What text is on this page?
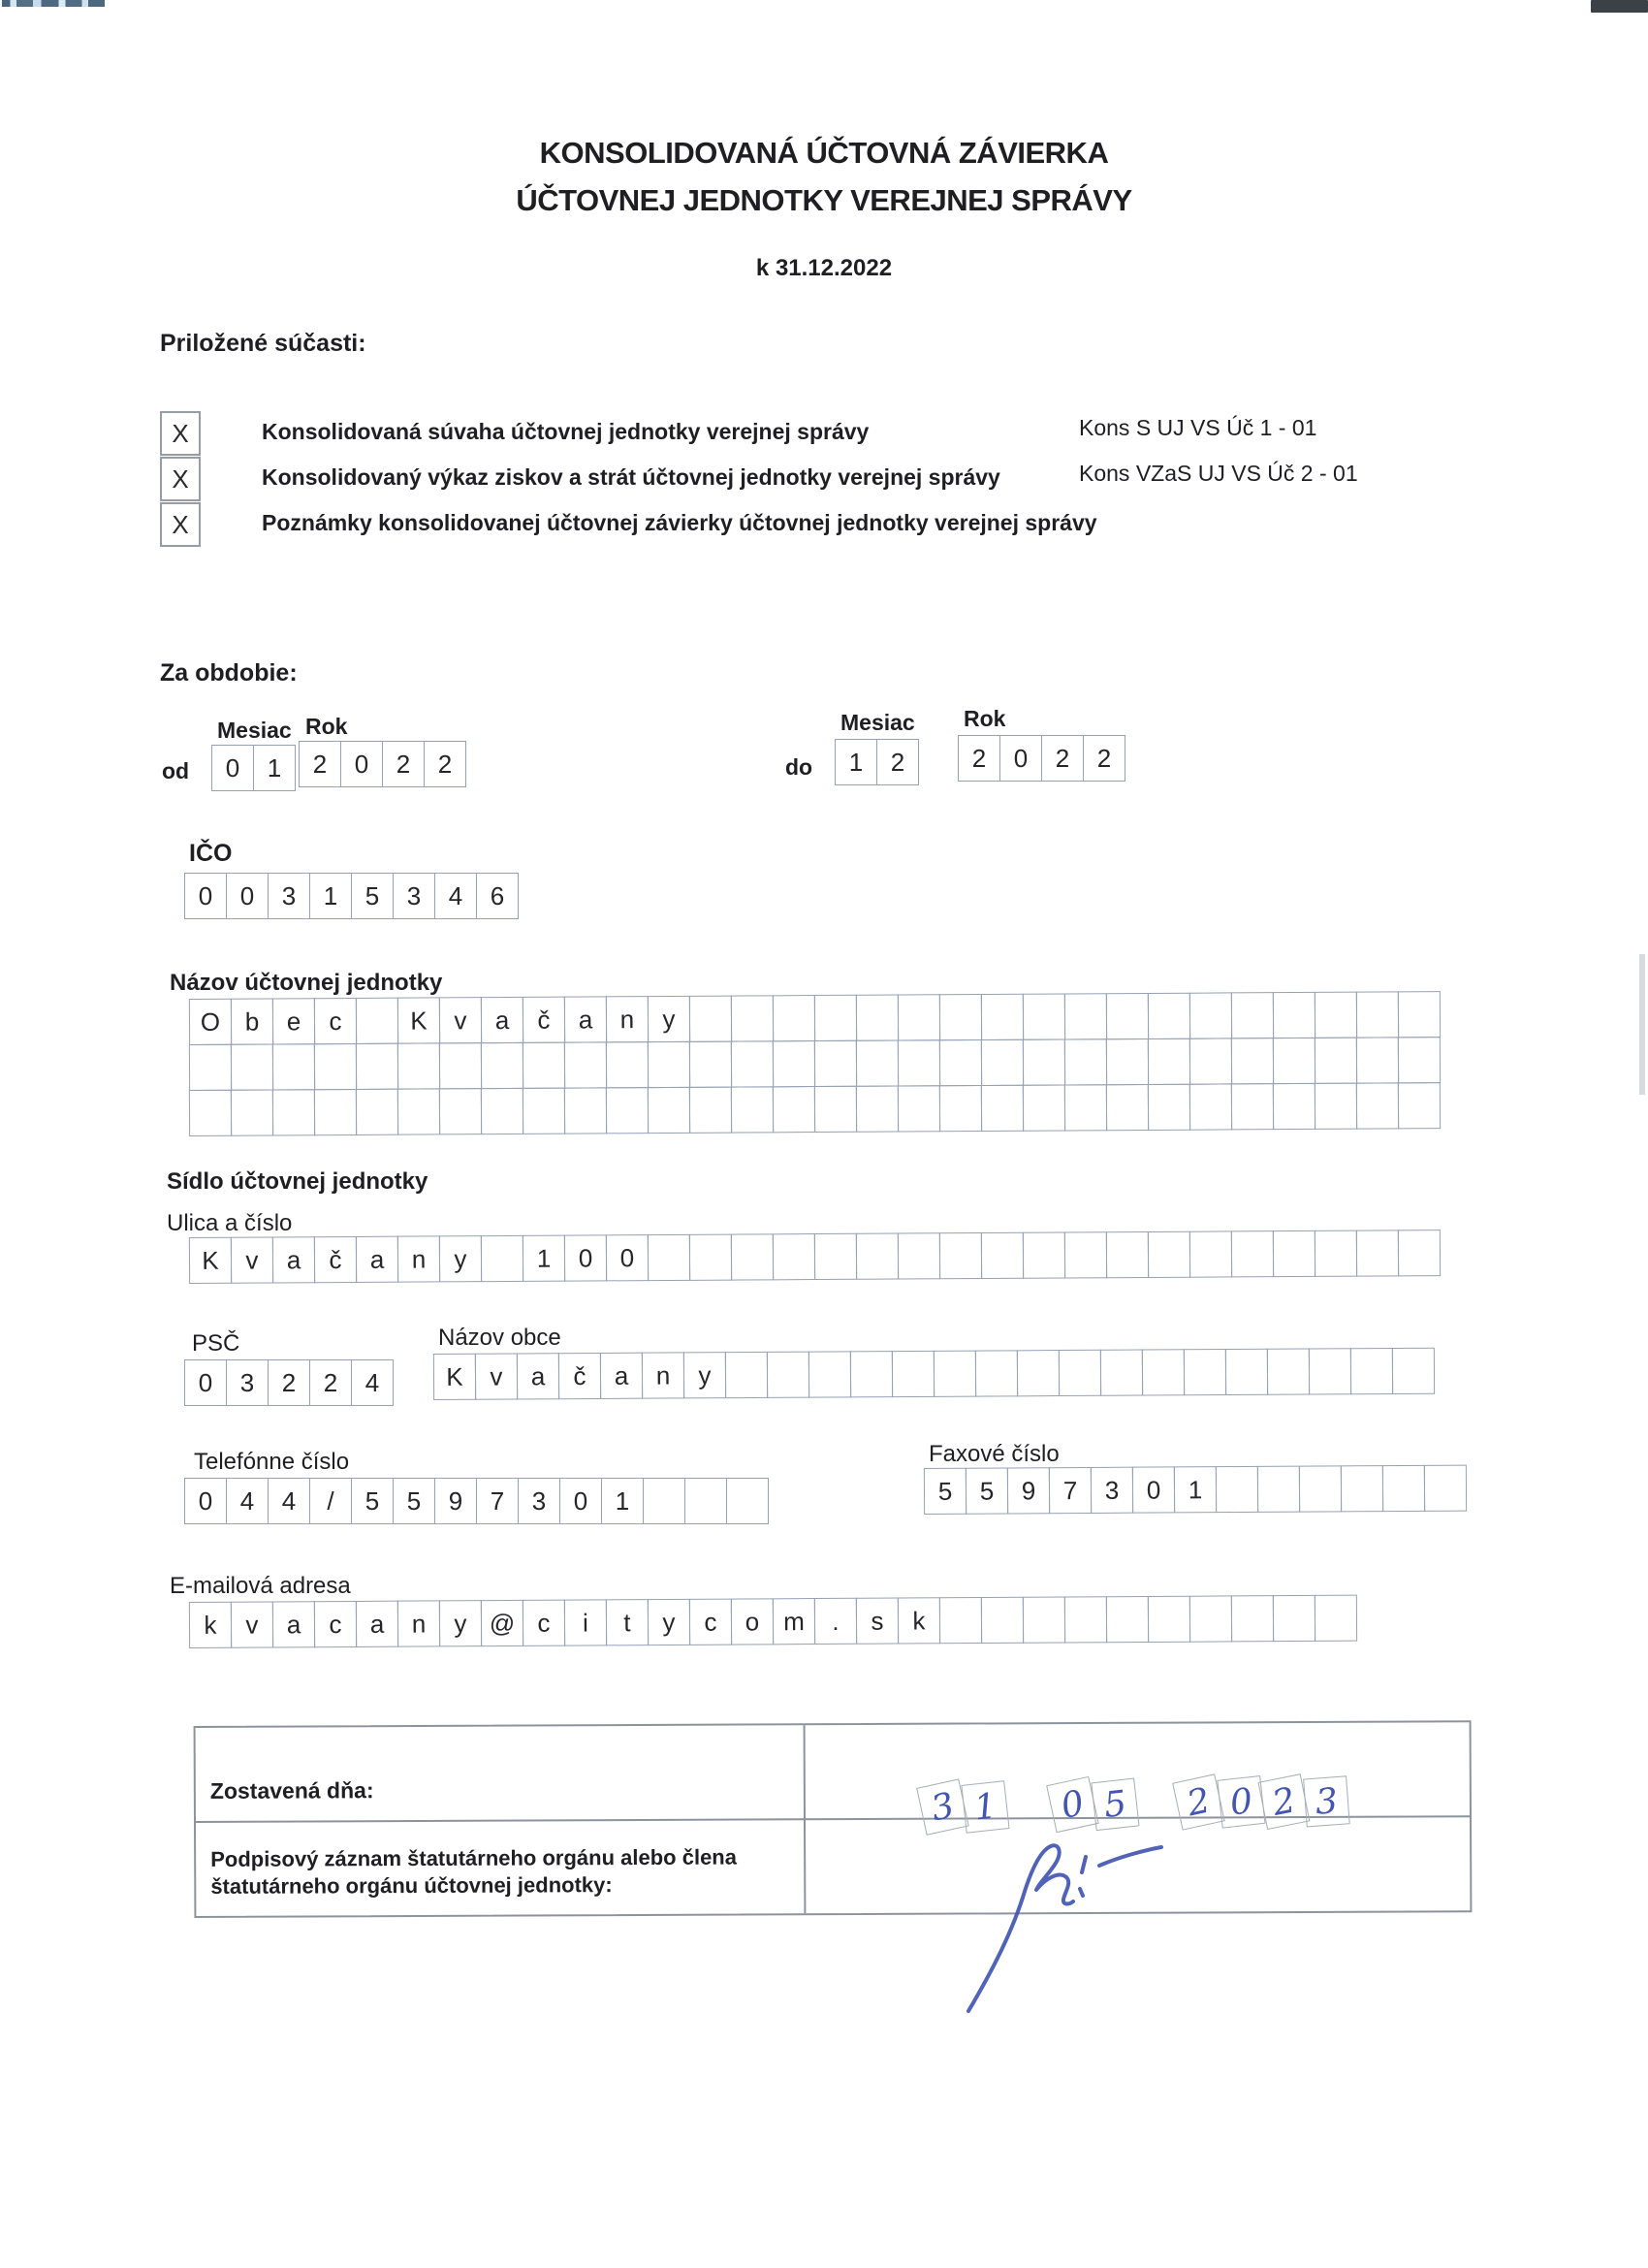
KONSOLIDOVANÁ ÚČTOVNÁ ZÁVIERKA
ÚČTOVNEJ JEDNOTKY VEREJNEJ SPRÁVY
k 31.12.2022
Priložené súčasti:
X	Konsolidovaná súvaha účtovnej jednotky verejnej správy	Kons S UJ VS Úč 1 - 01
X	Konsolidovaný výkaz ziskov a strát účtovnej jednotky verejnej správy	Kons VZaS UJ VS Úč 2 - 01
X	Poznámky konsolidovanej účtovnej závierky účtovnej jednotky verejnej správy
Za obdobie:
Mesiac Rok
od	0	1	2	0	2	2
Mesiac Rok
do	1	2	2	0	2	2
IČO
0	0	3	1	5	3	4	6
Názov účtovnej jednotky
O b	e	c	K	v	a	č	a	n	y
Sídlo účtovnej jednotky
Ulica a číslo
K	v	a	č	a	n	y	1	0	0
PSČ
0	3	2	2	4
Názov obce
K	v	a	č	a	n	y
Telefónne číslo
0	4	4	/	5	5	9	7	3	0	1
Faxové číslo
5	5	9	7	3	0	1
E-mailová adresa
k	v	a	c	a	n	y @ c	i	t	y	c	o m	.	s	k
Zostavená dňa:	3 1	0 5	2 0 2 3
Podpisový záznam štatutárneho orgánu alebo člena štatutárneho orgánu účtovnej jednotky:
